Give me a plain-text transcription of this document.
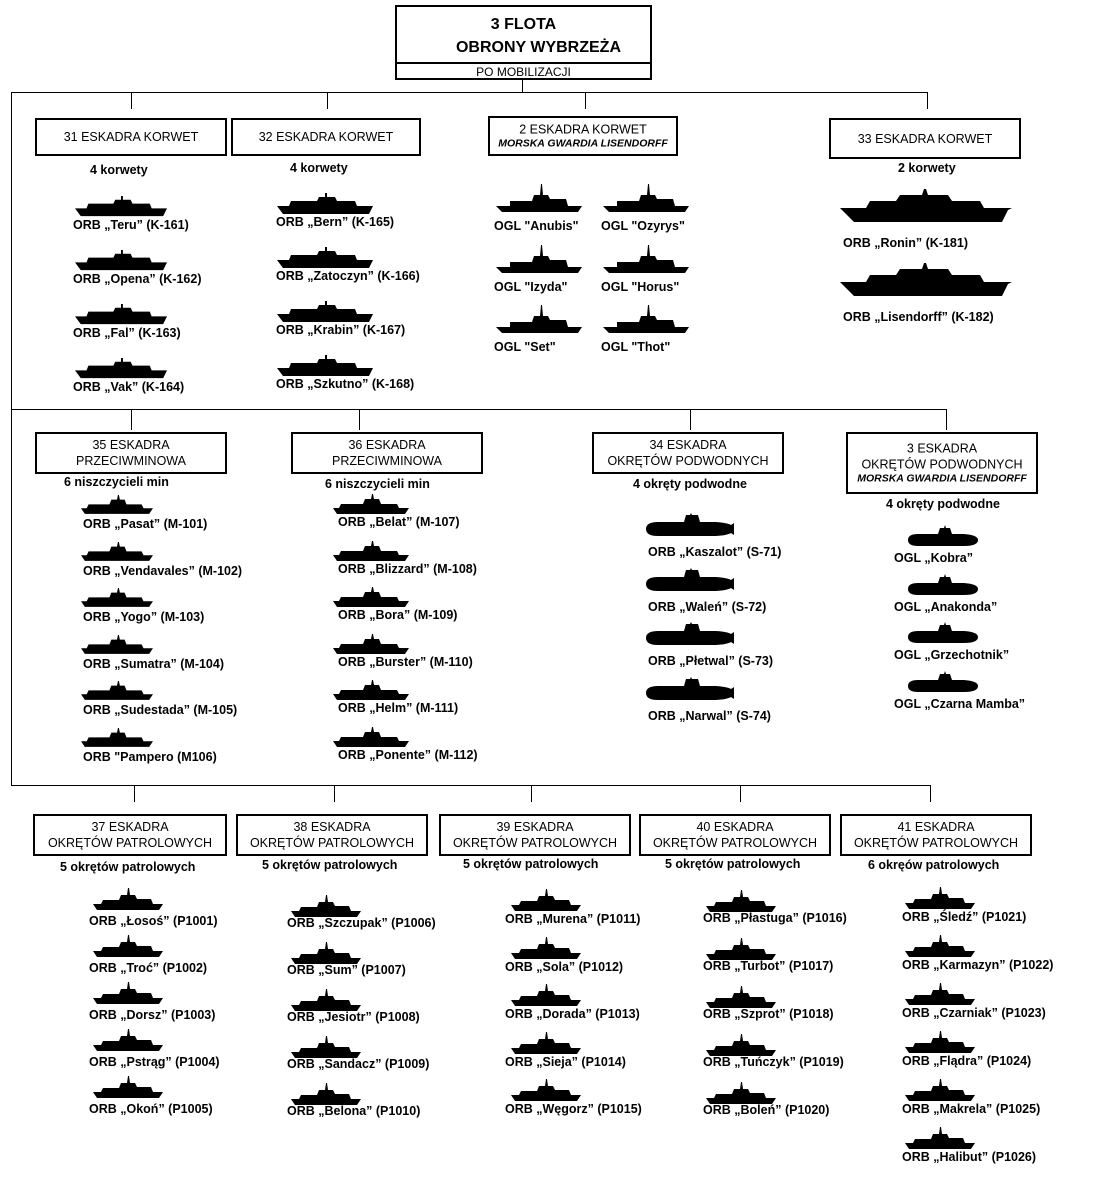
3 FLOTA
OBRONY WYBRZEŻA
PO MOBILIZACJI
31 ESKADRA KORWET
4 korwety
ORB „Teru” (K-161)
ORB „Opena” (K-162)
ORB „Fal” (K-163)
ORB „Vak” (K-164)
32 ESKADRA KORWET
4 korwety
ORB „Bern” (K-165)
ORB „Zatoczyn” (K-166)
ORB „Krabin” (K-167)
ORB „Szkutno” (K-168)
2 ESKADRA KORWET
MORSKA GWARDIA LISENDORFF
OGL "Anubis" OGL "Ozyrys"
OGL "Izyda"	OGL "Horus"
OGL "Set"	OGL "Thot"
33 ESKADRA KORWET
2 korwety
ORB „Ronin” (K-181)
ORB „Lisendorff” (K-182)
35 ESKADRA
PRZECIWMINOWA
6 niszczycieli min
ORB „Pasat” (M-101)
ORB „Vendavales” (M-102)
ORB „Yogo” (M-103)
ORB „Sumatra” (M-104)
ORB „Sudestada” (M-105)
ORB "Pampero (M106)
36 ESKADRA
PRZECIWMINOWA
6 niszczycieli min
ORB „Belat” (M-107)
ORB „Blizzard” (M-108)
ORB „Bora” (M-109)
ORB „Burster” (M-110)
ORB „Helm” (M-111)
ORB „Ponente” (M-112)
34 ESKADRA
OKRĘTÓW PODWODNYCH
4 okręty podwodne
ORB „Kaszalot” (S-71)
ORB „Waleń” (S-72)
ORB „Płetwal” (S-73)
ORB „Narwal” (S-74)
3 ESKADRA
OKRĘTÓW PODWODNYCH
MORSKA GWARDIA LISENDORFF
4 okręty podwodne
OGL „Kobra”
OGL „Anakonda”
OGL „Grzechotnik”
OGL „Czarna Mamba”
37 ESKADRA
OKRĘTÓW PATROLOWYCH
5 okrętów patrolowych
ORB „Łosoś” (P1001)
ORB „Troć” (P1002)
ORB „Dorsz” (P1003)
ORB „Pstrąg” (P1004)
ORB „Okoń” (P1005)
38 ESKADRA
OKRĘTÓW PATROLOWYCH
5 okrętów patrolowych
ORB „Szczupak” (P1006)
ORB „Sum” (P1007)
ORB „Jesiotr” (P1008)
ORB „Sandacz” (P1009)
ORB „Belona” (P1010)
39 ESKADRA
OKRĘTÓW PATROLOWYCH
5 okrętów patrolowych
ORB „Murena” (P1011)
ORB „Sola” (P1012)
ORB „Dorada” (P1013)
ORB „Sieja” (P1014)
ORB „Węgorz” (P1015)
40 ESKADRA
OKRĘTÓW PATROLOWYCH
5 okrętów patrolowych
ORB „Płastuga” (P1016)
ORB „Turbot” (P1017)
ORB „Szprot” (P1018)
ORB „Tuńczyk” (P1019)
ORB „Boleń” (P1020)
41 ESKADRA
OKRĘTÓW PATROLOWYCH
6 okręów patrolowych
ORB „Śledź” (P1021)
ORB „Karmazyn” (P1022)
ORB „Czarniak” (P1023)
ORB „Flądra” (P1024)
ORB „Makrela” (P1025)
ORB „Halibut” (P1026)
